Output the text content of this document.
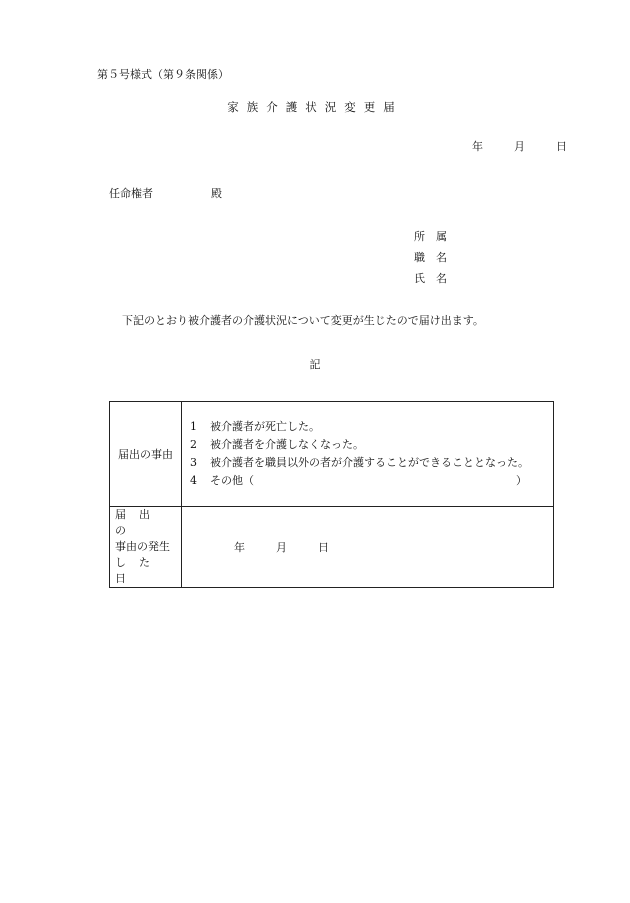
第５号様式（第９条関係）
家族介護状況変更届
年	月	日
任命権者	殿
所　属
職　名
氏　名
下記のとおり被介護者の介護状況について変更が生じたので届け出ます。
記
届出の事由	1 被介護者が死亡した。
2 被介護者を介護しなくなった。
3 被介護者を職員以外の者が介護することができることとなった。
4 その他（ ）

届出の
事由の発生
した日	年 月 日
